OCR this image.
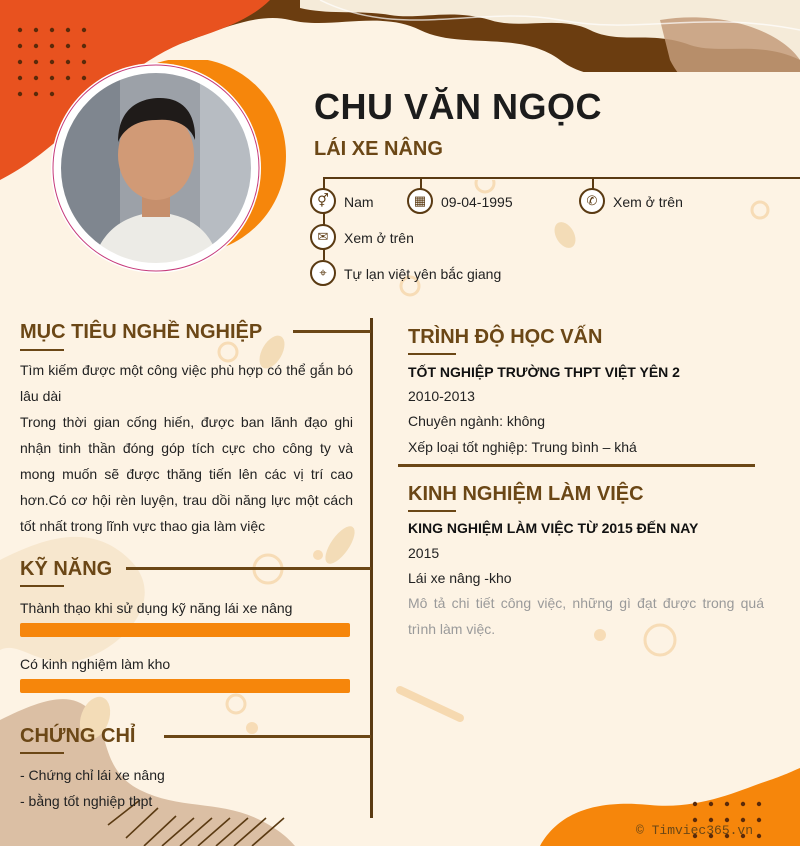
CHU VĂN NGỌC
LÁI XE NÂNG
⚥	Nam	▦	09-04-1995	✆	Xem ở trên
✉	Xem ở trên
⌖	Tự lạn việt yên bắc giang
MỤC TIÊU NGHỀ NGHIỆP
Tìm kiếm được một công việc phù hợp có thể gắn bó lâu dài
Trong thời gian cống hiến, được ban lãnh đạo ghi nhận tinh thần đóng góp tích cực cho công ty và mong muốn sẽ được thăng tiến lên các vị trí cao hơn.Có cơ hội rèn luyện, trau dồi năng lực một cách tốt nhất trong lĩnh vực thao gia làm việc
KỸ NĂNG
Thành thạo khi sử dụng kỹ năng lái xe nâng
Có kinh nghiệm làm kho
CHỨNG CHỈ
- Chứng chỉ lái xe nâng
- bằng tốt nghiệp thpt
TRÌNH ĐỘ HỌC VẤN
TỐT NGHIỆP TRƯỜNG THPT VIỆT YÊN 2
2010-2013
Chuyên ngành: không
Xếp loại tốt nghiệp: Trung bình – khá
KINH NGHIỆM LÀM VIỆC
KING NGHIỆM LÀM VIỆC TỪ 2015 ĐẾN NAY
2015
Lái xe nâng -kho
Mô tả chi tiết công việc, những gì đạt được trong quá trình làm việc.
© Timviec365.vn
